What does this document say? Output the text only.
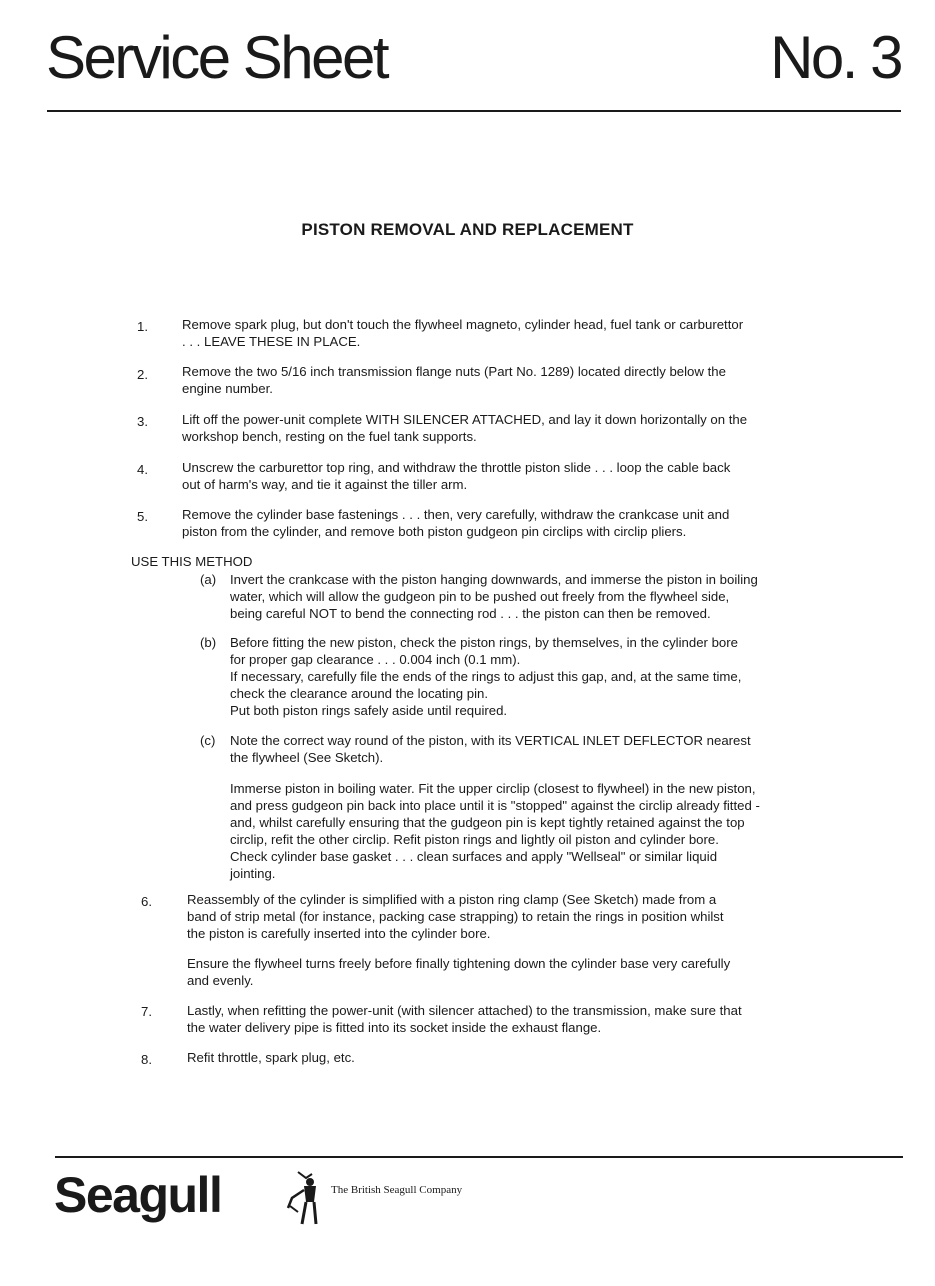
Service Sheet	No. 3
PISTON REMOVAL AND REPLACEMENT
1.	Remove spark plug, but don't touch the flywheel magneto, cylinder head, fuel tank or carburettor
. . . LEAVE THESE IN PLACE.
2.	Remove the two 5/16 inch transmission flange nuts (Part No. 1289) located directly below the
engine number.
3.	Lift off the power-unit complete WITH SILENCER ATTACHED, and lay it down horizontally on the
workshop bench, resting on the fuel tank supports.
4.	Unscrew the carburettor top ring, and withdraw the throttle piston slide . . . loop the cable back
out of harm's way, and tie it against the tiller arm.
5.	Remove the cylinder base fastenings . . . then, very carefully, withdraw the crankcase unit and
piston from the cylinder, and remove both piston gudgeon pin circlips with circlip pliers.
USE THIS METHOD
(a) Invert the crankcase with the piston hanging downwards, and immerse the piston in boiling
water, which will allow the gudgeon pin to be pushed out freely from the flywheel side,
being careful NOT to bend the connecting rod . . . the piston can then be removed.
(b) Before fitting the new piston, check the piston rings, by themselves, in the cylinder bore
for proper gap clearance . . . 0.004 inch (0.1 mm).
If necessary, carefully file the ends of the rings to adjust this gap, and, at the same time,
check the clearance around the locating pin.
Put both piston rings safely aside until required.
(c) Note the correct way round of the piston, with its VERTICAL INLET DEFLECTOR nearest
the flywheel (See Sketch).
Immerse piston in boiling water. Fit the upper circlip (closest to flywheel) in the new piston,
and press gudgeon pin back into place until it is "stopped" against the circlip already fitted -
and, whilst carefully ensuring that the gudgeon pin is kept tightly retained against the top
circlip, refit the other circlip. Refit piston rings and lightly oil piston and cylinder bore.
Check cylinder base gasket . . . clean surfaces and apply "Wellseal" or similar liquid
jointing.
6.	Reassembly of the cylinder is simplified with a piston ring clamp (See Sketch) made from a
band of strip metal (for instance, packing case strapping) to retain the rings in position whilst
the piston is carefully inserted into the cylinder bore.
Ensure the flywheel turns freely before finally tightening down the cylinder base very carefully
and evenly.
7.	Lastly, when refitting the power-unit (with silencer attached) to the transmission, make sure that
the water delivery pipe is fitted into its socket inside the exhaust flange.
8.	Refit throttle, spark plug, etc.
Seagull	The British Seagull Company
